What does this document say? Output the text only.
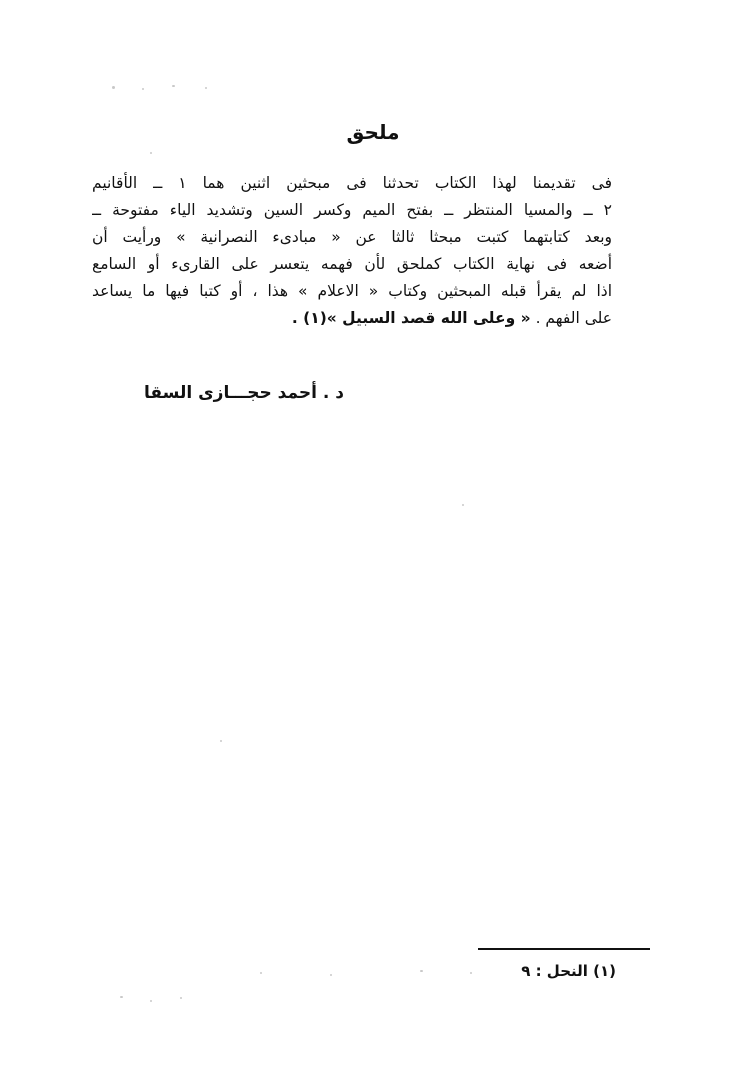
ملحق
فى تقديمنا لهذا الكتاب تحدثنا فى مبحثين اثنين هما ١ ــ الأقانيم
٢ ــ والمسيا المنتظر ــ بفتح الميم وكسر السين وتشديد الياء مفتوحة ــ
وبعد كتابتهما كتبت مبحثا ثالثا عن « مبادىء النصرانية » ورأيت أن
أضعه فى نهاية الكتاب كملحق لأن فهمه يتعسر على القارىء أو السامع
اذا لم يقرأ قبله المبحثين وكتاب « الاعلام » هذا ، أو كتبا فيها ما يساعد
على الفهم . « وعلى الله قصد السبيل »(١) .
د . أحمد حجـــازى السقا
(١) النحل : ٩
